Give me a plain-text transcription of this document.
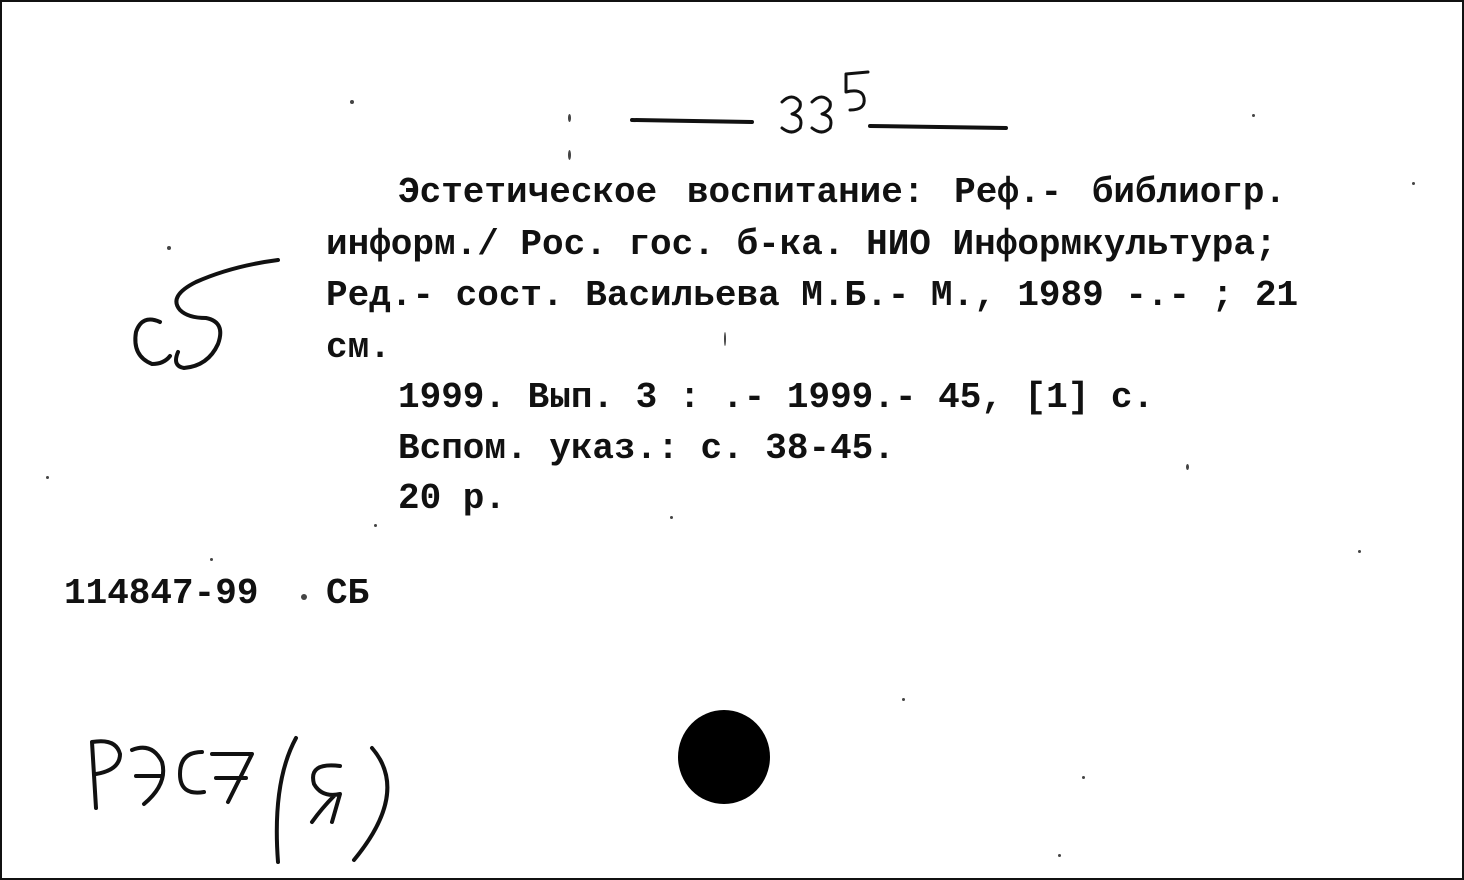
Эстетическое воспитание: Реф.- библиогр.
информ./ Рос. гос. б-ка. НИО Информкультура;
Ред.- сост. Васильева М.Б.- М., 1989 -.- ; 21
см.
1999. Вып. 3 : .- 1999.- 45, [1] с.
Вспом. указ.: с. 38-45.
20 р.
114847-99 СБ
